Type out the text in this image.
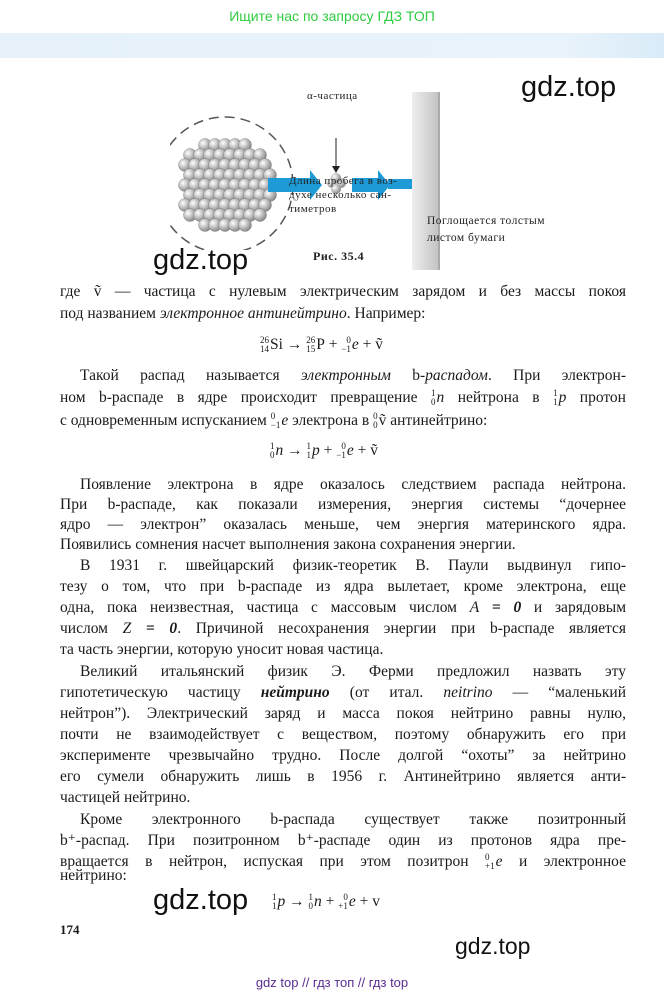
Ищите нас по запросу ГДЗ ТОП
α-частица
Длина пробега в воз-
духе несколько сан-
тиметров
Поглощается толстым
листом бумаги
Рис. 35.4
gdz.top
gdz.top
gdz.top
gdz.top
где ṽ — частица с нулевым электрическим зарядом и без массы покоя
под названием электронное антинейтрино. Например:
Такой распад называется электронным b-распадом. При электрон-
ном b-распаде в ядре происходит превращение 1
0 n нейтрона в 1
1 p протон
с одновременным испусканием 0
−1 e электрона в 0
0 ṽ антинейтрино:
Появление электрона в ядре оказалось следствием распада нейтрона.
При b-распаде, как показали измерения, энергия системы “дочернее
ядро — электрон” оказалась меньше, чем энергия материнского ядра.
Появились сомнения насчет выполнения закона сохранения энергии.
В 1931 г. швейцарский физик-теоретик В. Паули выдвинул гипо-
тезу о том, что при b-распаде из ядра вылетает, кроме электрона, еще
одна, пока неизвестная, частица с массовым числом A = 0 и зарядовым
числом Z = 0. Причиной несохранения энергии при b-распаде является
та часть энергии, которую уносит новая частица.
Великий итальянский физик Э. Ферми предложил назвать эту
гипотетическую частицу нейтрино (от итал. neitrino — “маленький
нейтрон”). Электрический заряд и масса покоя нейтрино равны нулю,
почти не взаимодействует с веществом, поэтому обнаружить его при
эксперименте чрезвычайно трудно. После долгой “охоты” за нейтрино
его сумели обнаружить лишь в 1956 г. Антинейтрино является анти-
частицей нейтрино.
Кроме электронного b-распада существует также позитронный
b⁺-распад. При позитронном b⁺-распаде один из протонов ядра пре-
вращается в нейтрон, испуская при этом позитрон 0
+1 e и электронное
нейтрино:
26
14 Si → 26
15 P + 0
−1 e + ṽ
1
0 n → 1
1 p + 0
−1 e + ṽ
1
1 p → 1
0 n + 0
+1 e + v
174
gdz top // гдз топ // гдз top
